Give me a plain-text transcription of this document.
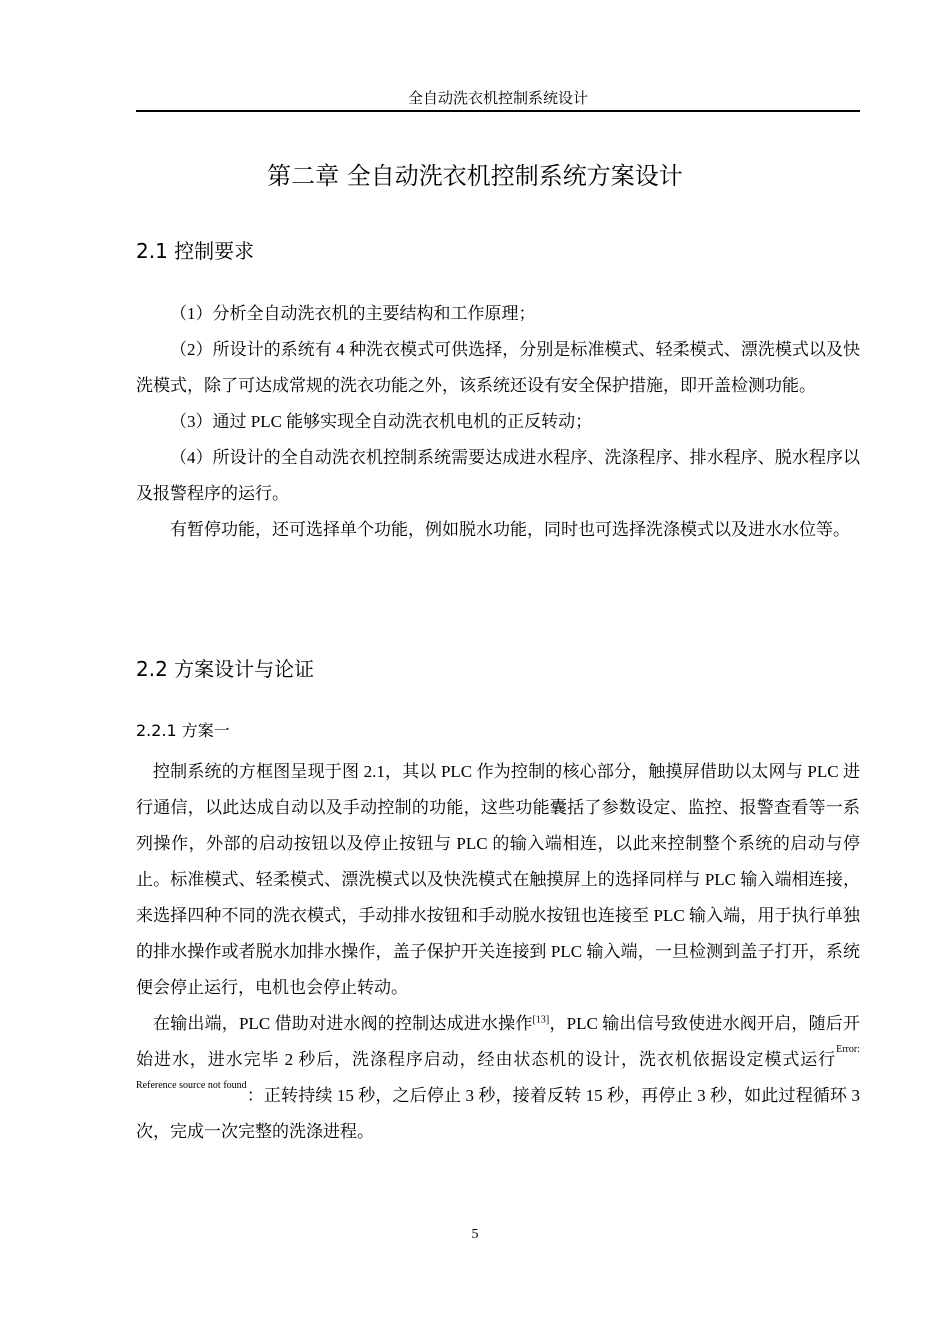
全自动洗衣机控制系统设计
第二章 全自动洗衣机控制系统方案设计
2.1 控制要求

（1）分析全自动洗衣机的主要结构和工作原理；

（2）所设计的系统有 4 种洗衣模式可供选择，分别是标准模式、轻柔模式、漂洗模式以及快洗模式，除了可达成常规的洗衣功能之外，该系统还设有安全保护措施，即开盖检测功能。

（3）通过 PLC 能够实现全自动洗衣机电机的正反转动；

（4）所设计的全自动洗衣机控制系统需要达成进水程序、洗涤程序、排水程序、脱水程序以及报警程序的运行。

有暂停功能，还可选择单个功能，例如脱水功能，同时也可选择洗涤模式以及进水水位等。

2.2 方案设计与论证
2.2.1 方案一

控制系统的方框图呈现于图 2.1，其以 PLC 作为控制的核心部分，触摸屏借助以太网与 PLC 进行通信，以此达成自动以及手动控制的功能，这些功能囊括了参数设定、监控、报警查看等一系列操作，外部的启动按钮以及停止按钮与 PLC 的输入端相连，以此来控制整个系统的启动与停止。标准模式、轻柔模式、漂洗模式以及快洗模式在触摸屏上的选择同样与 PLC 输入端相连接，来选择四种不同的洗衣模式，手动排水按钮和手动脱水按钮也连接至 PLC 输入端，用于执行单独的排水操作或者脱水加排水操作，盖子保护开关连接到 PLC 输入端，一旦检测到盖子打开，系统便会停止运行，电机也会停止转动。

在输出端，PLC 借助对进水阀的控制达成进水操作[13]，PLC 输出信号致使进水阀开启，随后开始进水，进水完毕 2 秒后，洗涤程序启动，经由状态机的设计，洗衣机依据设定模式运行$^{Error: Reference source not found}$：正转持续 15 秒，之后停止 3 秒，接着反转 15 秒，再停止 3 秒，如此过程循环 3 次，完成一次完整的洗涤进程。

5
